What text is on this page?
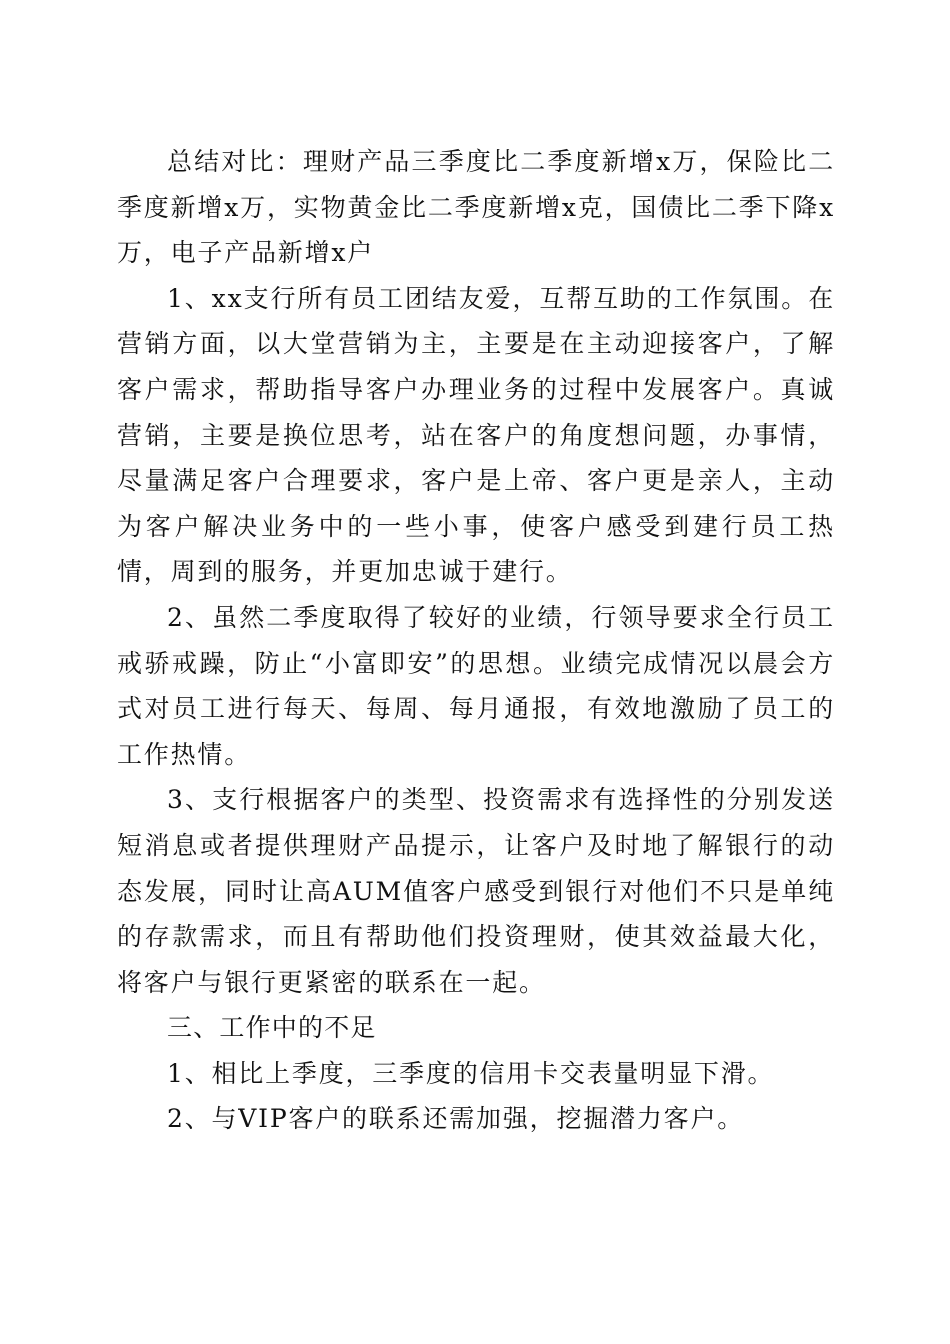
总结对比：理财产品三季度比二季度新增x万，保险比二季度新增x万，实物黄金比二季度新增x克，国债比二季下降x万，电子产品新增x户

1、xx支行所有员工团结友爱，互帮互助的工作氛围。在营销方面，以大堂营销为主，主要是在主动迎接客户，了解客户需求，帮助指导客户办理业务的过程中发展客户。真诚营销，主要是换位思考，站在客户的角度想问题，办事情，尽量满足客户合理要求，客户是上帝、客户更是亲人，主动为客户解决业务中的一些小事，使客户感受到建行员工热情，周到的服务，并更加忠诚于建行。

2、虽然二季度取得了较好的业绩，行领导要求全行员工戒骄戒躁，防止“小富即安”的思想。业绩完成情况以晨会方式对员工进行每天、每周、每月通报，有效地激励了员工的工作热情。

3、支行根据客户的类型、投资需求有选择性的分别发送短消息或者提供理财产品提示，让客户及时地了解银行的动态发展，同时让高AUM值客户感受到银行对他们不只是单纯的存款需求，而且有帮助他们投资理财，使其效益最大化，将客户与银行更紧密的联系在一起。

三、工作中的不足

1、相比上季度，三季度的信用卡交表量明显下滑。

2、与VIP客户的联系还需加强，挖掘潜力客户。
